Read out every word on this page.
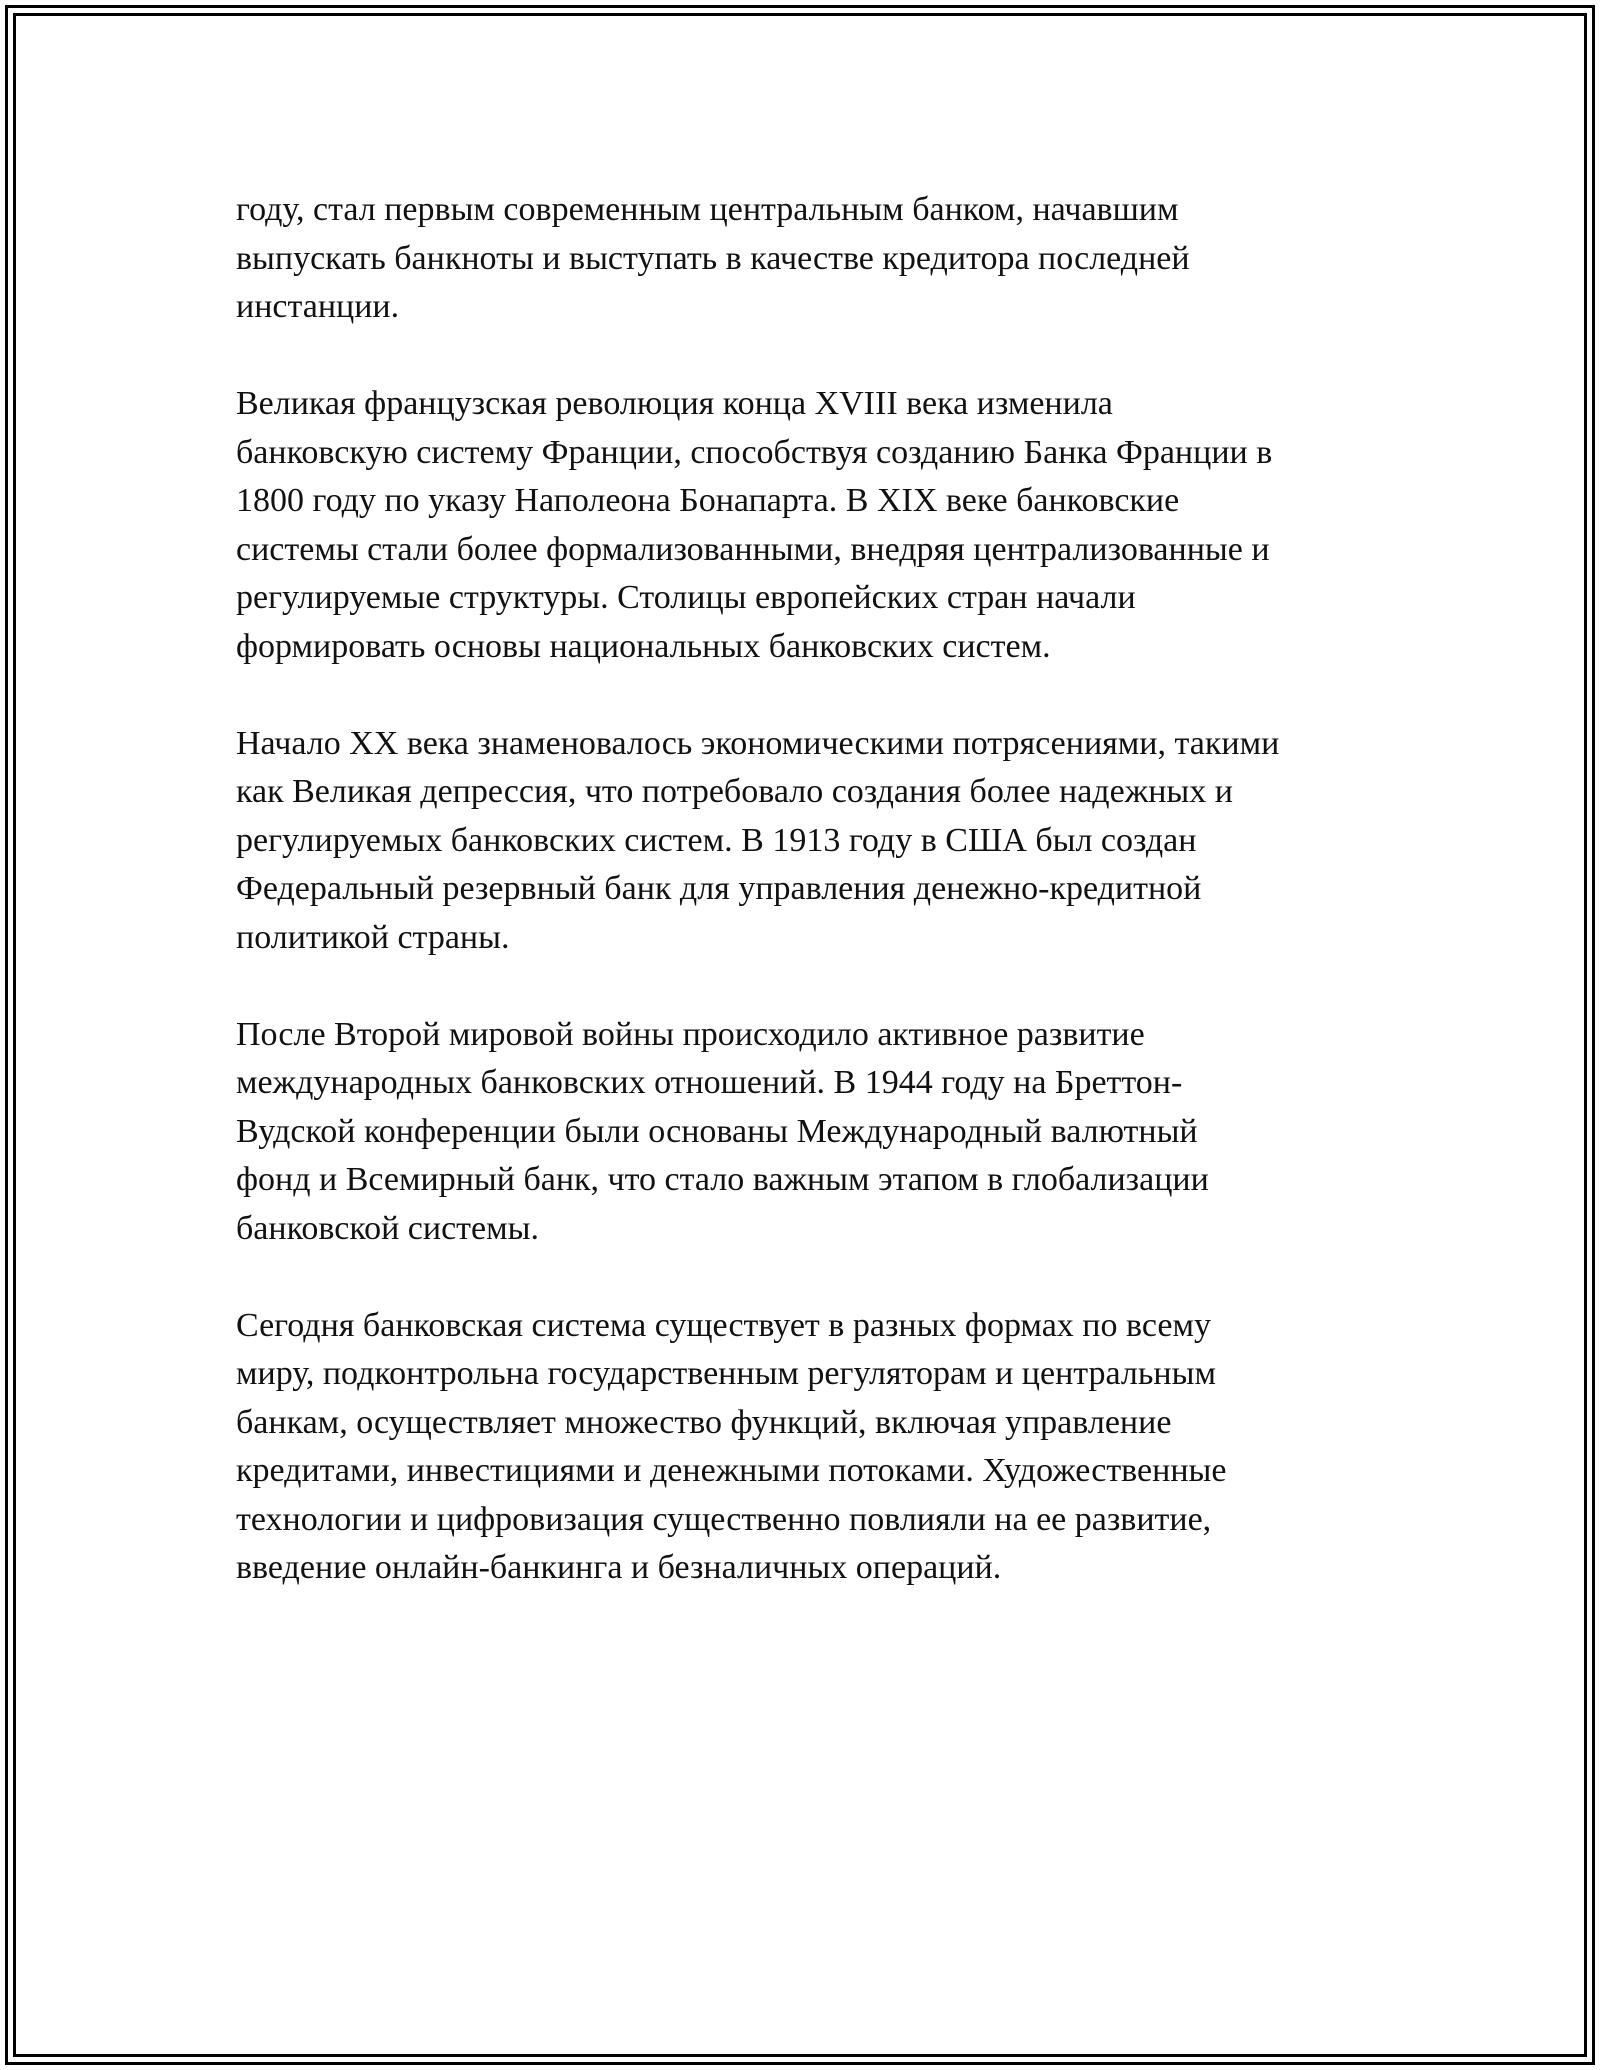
году, стал первым современным центральным банком, начавшим
выпускать банкноты и выступать в качестве кредитора последней
инстанции.

Великая французская революция конца XVIII века изменила
банковскую систему Франции, способствуя созданию Банка Франции в
1800 году по указу Наполеона Бонапарта. В XIX веке банковские
системы стали более формализованными, внедряя централизованные и
регулируемые структуры. Столицы европейских стран начали
формировать основы национальных банковских систем.

Начало XX века знаменовалось экономическими потрясениями, такими
как Великая депрессия, что потребовало создания более надежных и
регулируемых банковских систем. В 1913 году в США был создан
Федеральный резервный банк для управления денежно-кредитной
политикой страны.

После Второй мировой войны происходило активное развитие
международных банковских отношений. В 1944 году на Бреттон-
Вудской конференции были основаны Международный валютный
фонд и Всемирный банк, что стало важным этапом в глобализации
банковской системы.

Сегодня банковская система существует в разных формах по всему
миру, подконтрольна государственным регуляторам и центральным
банкам, осуществляет множество функций, включая управление
кредитами, инвестициями и денежными потоками. Художественные
технологии и цифровизация существенно повлияли на ее развитие,
введение онлайн-банкинга и безналичных операций.
